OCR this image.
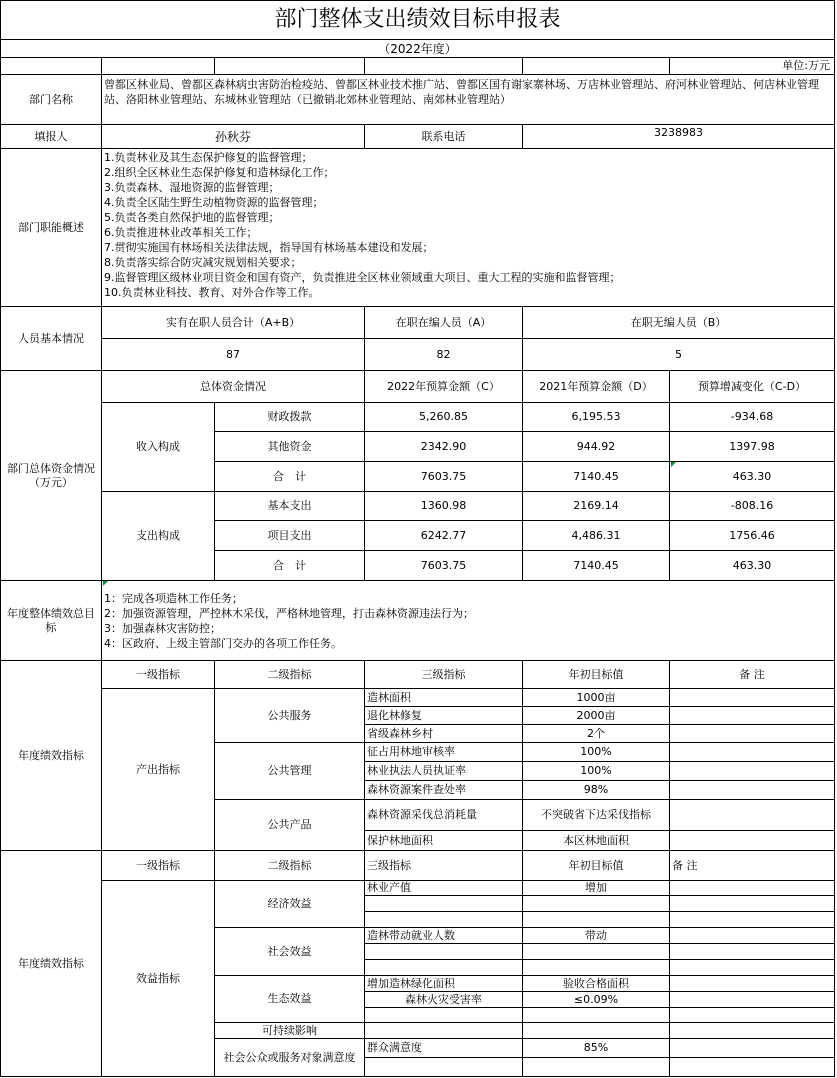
部门整体支出绩效目标申报表
（2022年度）
单位:万元
部门名称
曾都区林业局、曾都区森林病虫害防治检疫站、曾都区林业技术推广站、曾都区国有谢家寨林场、万店林业管理站、府河林业管理站、何店林业管理站、洛阳林业管理站、东城林业管理站（已撤销北郊林业管理站、南郊林业管理站）
填报人	孙秋芬	联系电话	3238983
部门职能概述
1.负责林业及其生态保护修复的监督管理；
2.组织全区林业生态保护修复和造林绿化工作；
3.负责森林、湿地资源的监督管理；
4.负责全区陆生野生动植物资源的监督管理；
5.负责各类自然保护地的监督管理；
6.负责推进林业改革相关工作；
7.贯彻实施国有林场相关法律法规，指导国有林场基本建设和发展；
8.负责落实综合防灾减灾规划相关要求；
9.监督管理区级林业项目资金和国有资产，负责推进全区林业领域重大项目、重大工程的实施和监督管理；
10.负责林业科技、教育、对外合作等工作。
人员基本情况
实有在职人员合计（A+B）	在职在编人员（A）	在职无编人员（B）
87	82	5
部门总体资金情况（万元）
总体资金情况	2022年预算金额（C）	2021年预算金额（D）	预算增减变化（C-D）
收入构成
财政拨款	5,260.85	6,195.53	-934.68
其他资金	2342.90	944.92	1397.98
合　计	7603.75	7140.45	463.30
支出构成
基本支出	1360.98	2169.14	-808.16
项目支出	6242.77	4,486.31	1756.46
合　计	7603.75	7140.45	463.30
年度整体绩效总目标
1：完成各项造林工作任务；
2：加强资源管理，严控林木采伐，严格林地管理，打击森林资源违法行为；
3：加强森林灾害防控；
4：区政府、上级主管部门交办的各项工作任务。
年度绩效指标
一级指标	二级指标	三级指标	年初目标值	备 注
产出指标
公共服务
造林面积	1000亩
退化林修复	2000亩
省级森林乡村	2个
公共管理
征占用林地审核率	100%
林业执法人员执证率	100%
森林资源案件查处率	98%
公共产品
森林资源采伐总消耗量	不突破省下达采伐指标
保护林地面积	本区林地面积
年度绩效指标
一级指标	二级指标	三级指标	年初目标值	备 注
效益指标
经济效益
林业产值	增加
社会效益
造林带动就业人数	带动
生态效益
增加造林绿化面积	验收合格面积
森林火灾受害率	≤0.09%
可持续影响
社会公众或服务对象满意度
群众满意度	85%
